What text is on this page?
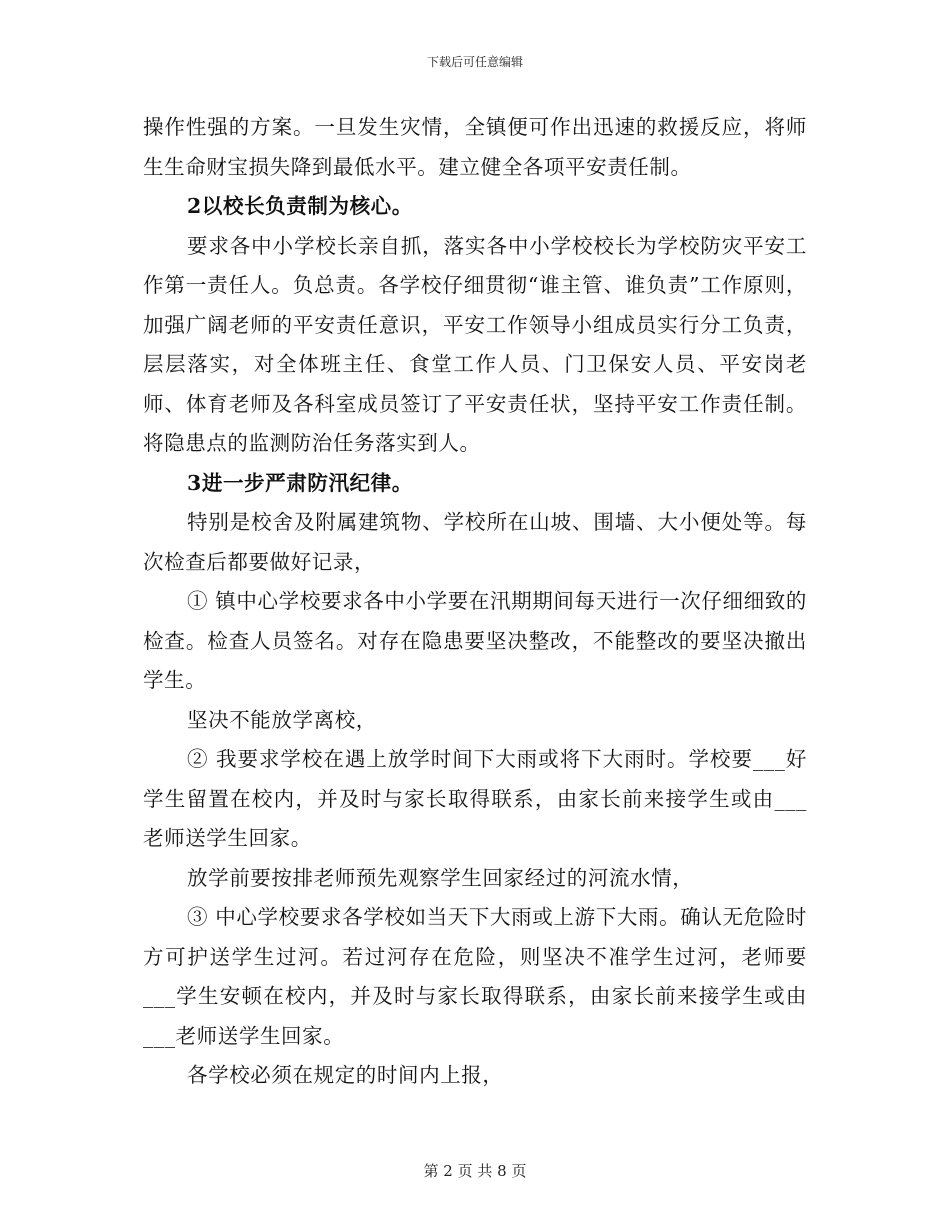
下载后可任意编辑

操作性强的方案。一旦发生灾情，全镇便可作出迅速的救援反应，将师生生命财宝损失降到最低水平。建立健全各项平安责任制。

2以校长负责制为核心。

要求各中小学校长亲自抓，落实各中小学校校长为学校防灾平安工作第一责任人。负总责。各学校仔细贯彻“谁主管、谁负责”工作原则，加强广阔老师的平安责任意识，平安工作领导小组成员实行分工负责，层层落实，对全体班主任、食堂工作人员、门卫保安人员、平安岗老师、体育老师及各科室成员签订了平安责任状，坚持平安工作责任制。将隐患点的监测防治任务落实到人。

3进一步严肃防汛纪律。

特别是校舍及附属建筑物、学校所在山坡、围墙、大小便处等。每次检查后都要做好记录，

① 镇中心学校要求各中小学要在汛期期间每天进行一次仔细细致的检查。检查人员签名。对存在隐患要坚决整改，不能整改的要坚决撤出学生。

坚决不能放学离校，

② 我要求学校在遇上放学时间下大雨或将下大雨时。学校要___好学生留置在校内，并及时与家长取得联系，由家长前来接学生或由___老师送学生回家。

放学前要按排老师预先观察学生回家经过的河流水情，

③ 中心学校要求各学校如当天下大雨或上游下大雨。确认无危险时方可护送学生过河。若过河存在危险，则坚决不准学生过河，老师要___学生安顿在校内，并及时与家长取得联系，由家长前来接学生或由___老师送学生回家。

各学校必须在规定的时间内上报，

第 2 页 共 8 页
